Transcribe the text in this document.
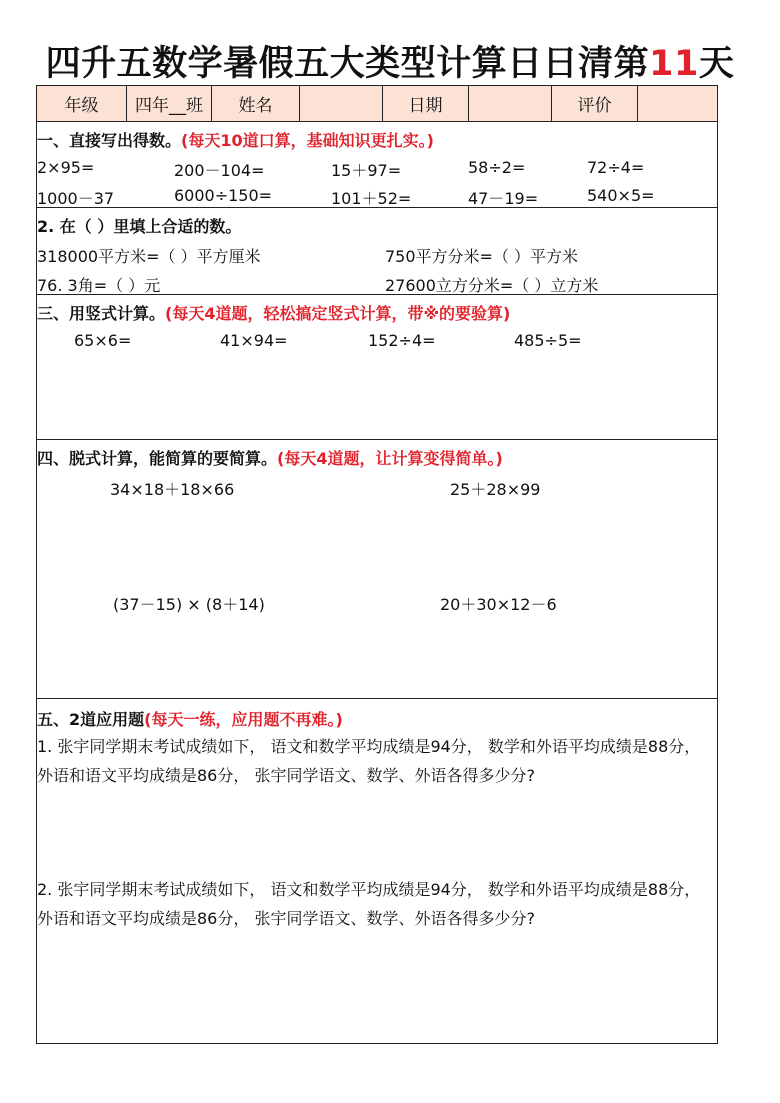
四升五数学暑假五大类型计算日日清第11天
年级	四年__班	姓名	日期	评价
一、直接写出得数。(每天10道口算，基础知识更扎实。)
2×95=	200－104=	15＋97=	58÷2=	72÷4=
1000－37	6000÷150=	101＋52=	47－19=	540×5=
2. 在（ ）里填上合适的数。
318000平方米=（ ）平方厘米	750平方分米=（ ）平方米
76. 3角=（ ）元	27600立方分米=（ ）立方米
三、用竖式计算。(每天4道题，轻松搞定竖式计算，带※的要验算)
65×6=	41×94=	152÷4=	485÷5=
四、脱式计算，能简算的要简算。(每天4道题，让计算变得简单。)
34×18＋18×66	25＋28×99
(37－15) × (8＋14)	20＋30×12－6
五、2道应用题(每天一练，应用题不再难。)
1. 张宇同学期末考试成绩如下， 语文和数学平均成绩是94分， 数学和外语平均成绩是88分， 外语和语文平均成绩是86分， 张宇同学语文、数学、外语各得多少分?
2. 张宇同学期末考试成绩如下， 语文和数学平均成绩是94分， 数学和外语平均成绩是88分， 外语和语文平均成绩是86分， 张宇同学语文、数学、外语各得多少分?
